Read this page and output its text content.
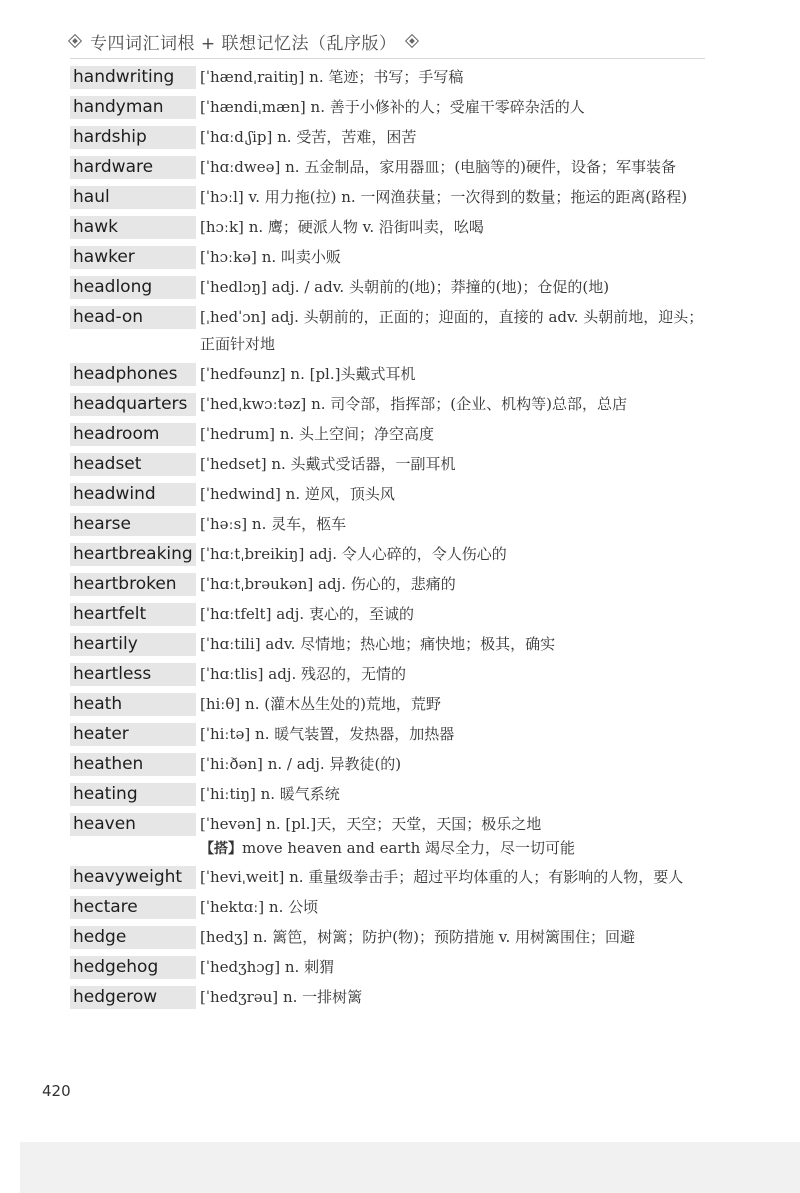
专四词汇词根 + 联想记忆法（乱序版）
handwriting	[ˈhændˌraitiŋ] n. 笔迹；书写；手写稿
handyman	[ˈhændiˌmæn] n. 善于小修补的人；受雇干零碎杂活的人
hardship	[ˈhɑːdˌʃip] n. 受苦，苦难，困苦
hardware	[ˈhɑːdweə] n. 五金制品，家用器皿；(电脑等的)硬件，设备；军事装备
haul	[ˈhɔːl] v. 用力拖(拉) n. 一网渔获量；一次得到的数量；拖运的距离(路程)
hawk	[hɔːk] n. 鹰；硬派人物 v. 沿街叫卖，吆喝
hawker	[ˈhɔːkə] n. 叫卖小贩
headlong	[ˈhedlɔŋ] adj. / adv. 头朝前的(地)；莽撞的(地)；仓促的(地)
head-on	[ˌhedˈɔn] adj. 头朝前的，正面的；迎面的，直接的 adv. 头朝前地，迎头；正面针对地
headphones	[ˈhedfəunz] n. [pl.]头戴式耳机
headquarters [ˈhedˌkwɔːtəz] n. 司令部，指挥部；(企业、机构等)总部，总店
headroom	[ˈhedrum] n. 头上空间；净空高度
headset	[ˈhedset] n. 头戴式受话器，一副耳机
headwind	[ˈhedwind] n. 逆风，顶头风
hearse	[ˈhəːs] n. 灵车，柩车
heartbreaking [ˈhɑːtˌbreikiŋ] adj. 令人心碎的，令人伤心的
heartbroken	[ˈhɑːtˌbrəukən] adj. 伤心的，悲痛的
heartfelt	[ˈhɑːtfelt] adj. 衷心的，至诚的
heartily	[ˈhɑːtili] adv. 尽情地；热心地；痛快地；极其，确实
heartless	[ˈhɑːtlis] adj. 残忍的，无情的
heath	[hiːθ] n. (灌木丛生处的)荒地，荒野
heater	[ˈhiːtə] n. 暖气装置，发热器，加热器
heathen	[ˈhiːðən] n. / adj. 异教徒(的)
heating	[ˈhiːtiŋ] n. 暖气系统
heaven	[ˈhevən] n. [pl.]天，天空；天堂，天国；极乐之地
【搭】move heaven and earth 竭尽全力，尽一切可能
heavyweight	[ˈheviˌweit] n. 重量级拳击手；超过平均体重的人；有影响的人物，要人
hectare	[ˈhektɑː] n. 公顷
hedge	[hedʒ] n. 篱笆，树篱；防护(物)；预防措施 v. 用树篱围住；回避
hedgehog	[ˈhedʒhɔg] n. 刺猬
hedgerow	[ˈhedʒrəu] n. 一排树篱
420
